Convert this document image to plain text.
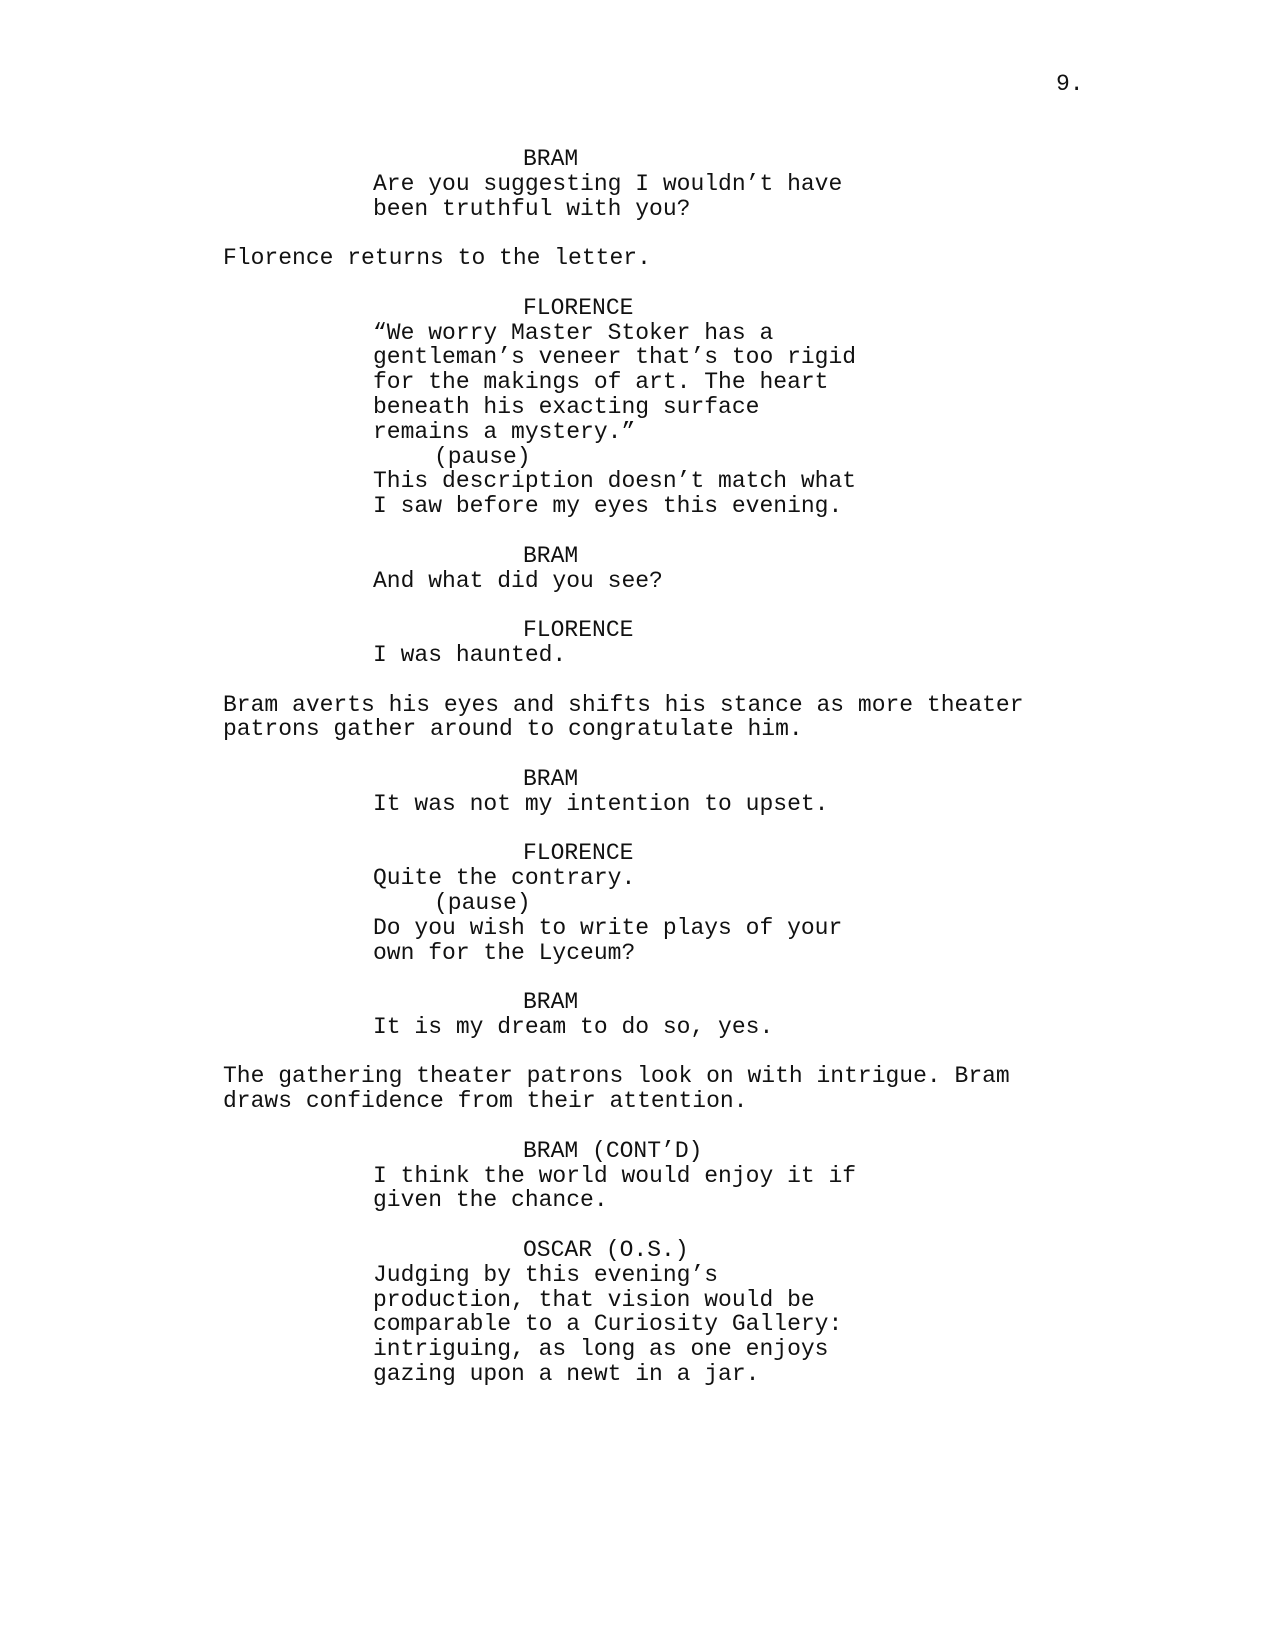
9.
BRAM
Are you suggesting I wouldn’t have
been truthful with you?
Florence returns to the letter.
FLORENCE
“We worry Master Stoker has a
gentleman’s veneer that’s too rigid
for the makings of art. The heart
beneath his exacting surface
remains a mystery.”
(pause)
This description doesn’t match what
I saw before my eyes this evening.
BRAM
And what did you see?
FLORENCE
I was haunted.
Bram averts his eyes and shifts his stance as more theater
patrons gather around to congratulate him.
BRAM
It was not my intention to upset.
FLORENCE
Quite the contrary.
(pause)
Do you wish to write plays of your
own for the Lyceum?
BRAM
It is my dream to do so, yes.
The gathering theater patrons look on with intrigue. Bram
draws confidence from their attention.
BRAM (CONT’D)
I think the world would enjoy it if
given the chance.
OSCAR (O.S.)
Judging by this evening’s
production, that vision would be
comparable to a Curiosity Gallery:
intriguing, as long as one enjoys
gazing upon a newt in a jar.
